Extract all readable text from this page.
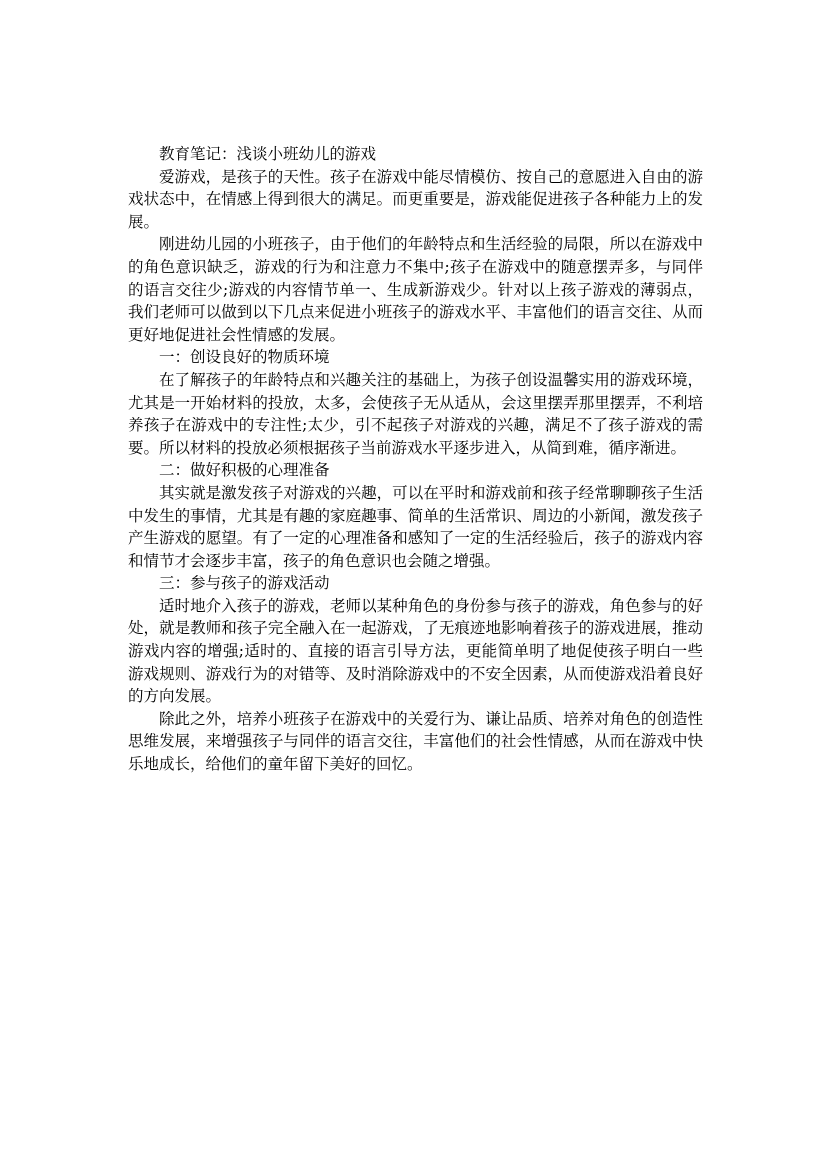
教育笔记：浅谈小班幼儿的游戏

爱游戏，是孩子的天性。孩子在游戏中能尽情模仿、按自己的意愿进入自由的游戏状态中，在情感上得到很大的满足。而更重要是，游戏能促进孩子各种能力上的发展。

刚进幼儿园的小班孩子，由于他们的年龄特点和生活经验的局限，所以在游戏中的角色意识缺乏，游戏的行为和注意力不集中;孩子在游戏中的随意摆弄多，与同伴的语言交往少;游戏的内容情节单一、生成新游戏少。针对以上孩子游戏的薄弱点，我们老师可以做到以下几点来促进小班孩子的游戏水平、丰富他们的语言交往、从而更好地促进社会性情感的发展。

一：创设良好的物质环境

在了解孩子的年龄特点和兴趣关注的基础上，为孩子创设温馨实用的游戏环境，尤其是一开始材料的投放，太多，会使孩子无从适从，会这里摆弄那里摆弄，不利培养孩子在游戏中的专注性;太少，引不起孩子对游戏的兴趣，满足不了孩子游戏的需要。所以材料的投放必须根据孩子当前游戏水平逐步进入，从简到难，循序渐进。

二：做好积极的心理准备

其实就是激发孩子对游戏的兴趣，可以在平时和游戏前和孩子经常聊聊孩子生活中发生的事情，尤其是有趣的家庭趣事、简单的生活常识、周边的小新闻，激发孩子产生游戏的愿望。有了一定的心理准备和感知了一定的生活经验后，孩子的游戏内容和情节才会逐步丰富，孩子的角色意识也会随之增强。

三：参与孩子的游戏活动

适时地介入孩子的游戏，老师以某种角色的身份参与孩子的游戏，角色参与的好处，就是教师和孩子完全融入在一起游戏，了无痕迹地影响着孩子的游戏进展，推动游戏内容的增强;适时的、直接的语言引导方法，更能简单明了地促使孩子明白一些游戏规则、游戏行为的对错等、及时消除游戏中的不安全因素，从而使游戏沿着良好的方向发展。

除此之外，培养小班孩子在游戏中的关爱行为、谦让品质、培养对角色的创造性思维发展，来增强孩子与同伴的语言交往，丰富他们的社会性情感，从而在游戏中快乐地成长，给他们的童年留下美好的回忆。
